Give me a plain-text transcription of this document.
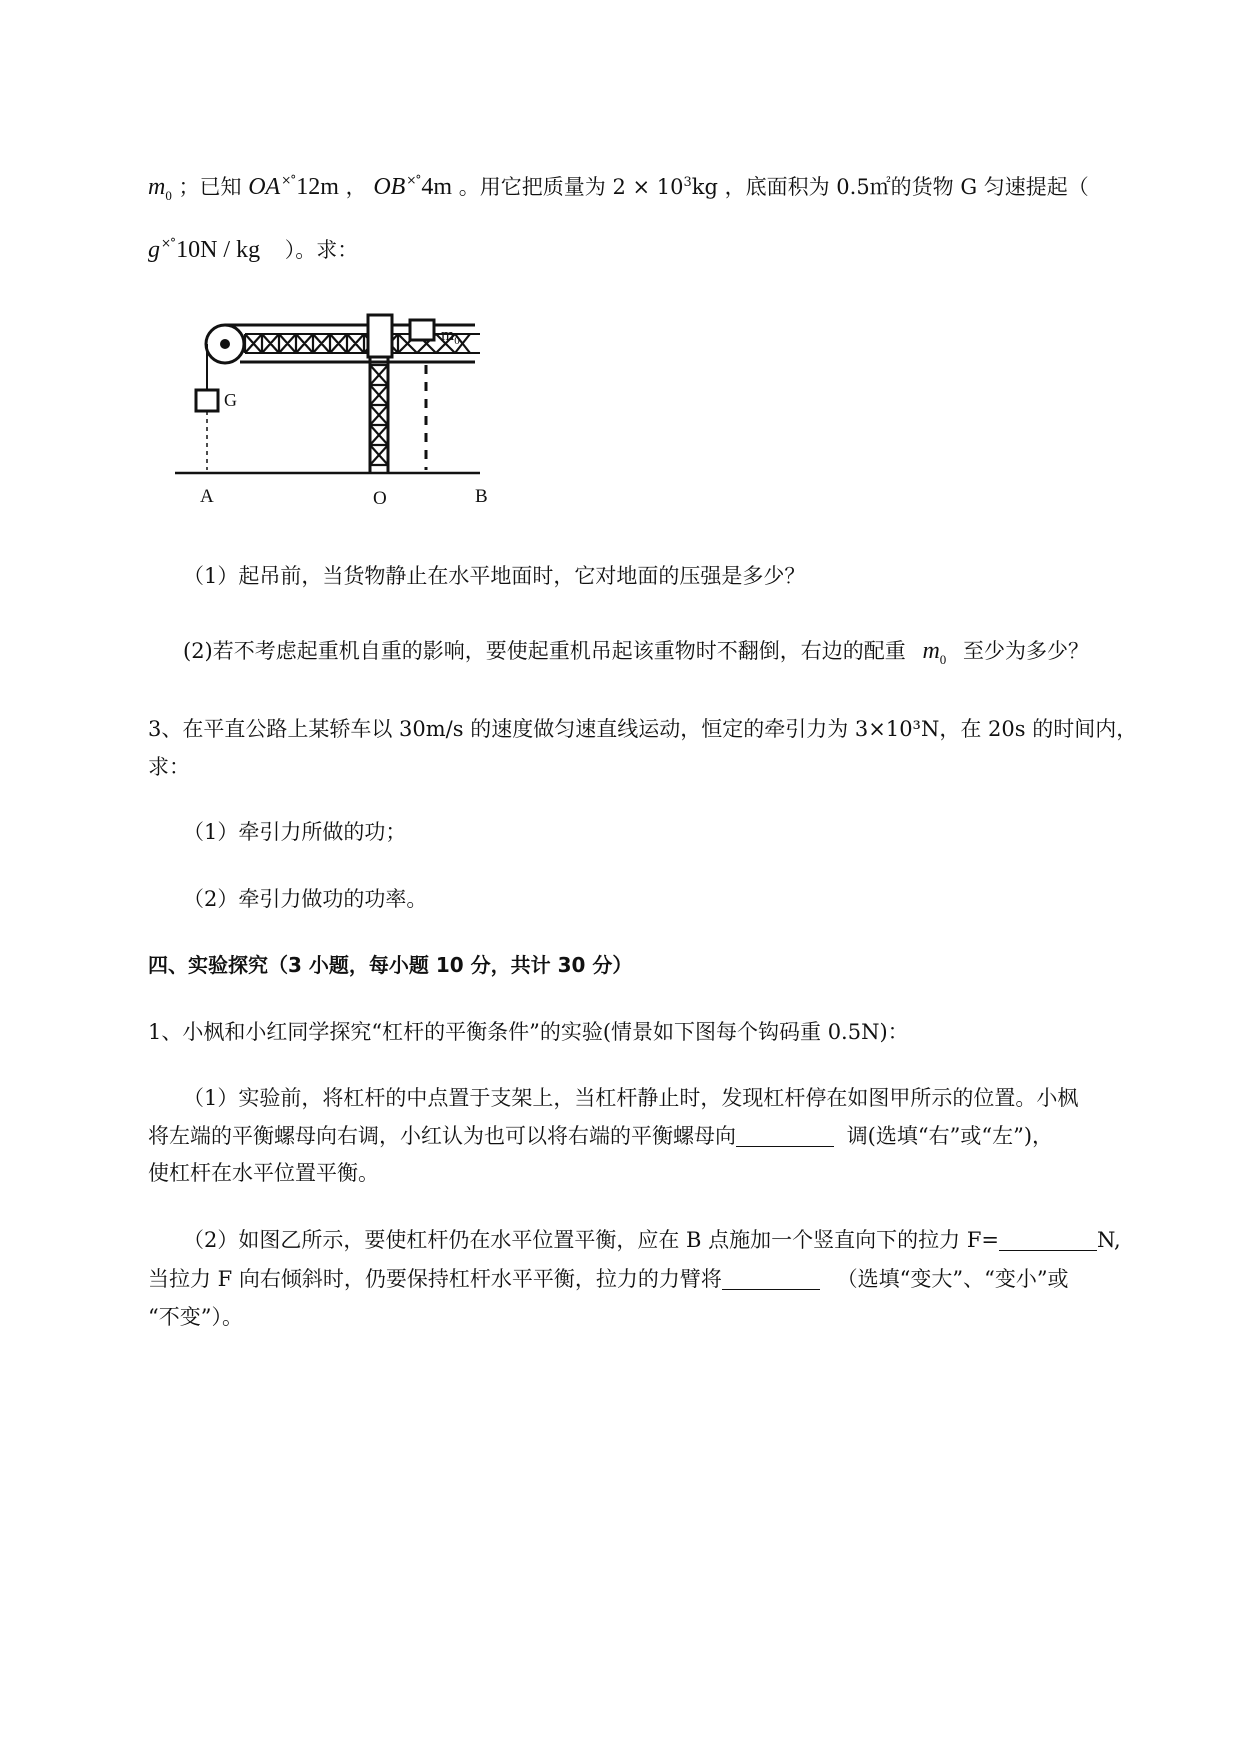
$m_0$ ；已知 OA×°12m ， OB×°4m 。用它把质量为 $2 \times 10^3kg$ ，底面积为 0.5㎡的货物 G 匀速提起（
g×°10N / kg ）。求：
$m_0$
G
A	O	B
（1）起吊前，当货物静止在水平地面时，它对地面的压强是多少？
(2)若不考虑起重机自重的影响，要使起重机吊起该重物时不翻倒，右边的配重 $m_0$ 至少为多少？
3、在平直公路上某轿车以 30m/s 的速度做匀速直线运动，恒定的牵引力为 3×10³N，在 20s 的时间内，
求：
（1）牵引力所做的功；
（2）牵引力做功的功率。
四、实验探究（3 小题，每小题 10 分，共计 30 分）
1、小枫和小红同学探究“杠杆的平衡条件”的实验(情景如下图每个钩码重 0.5N)：
（1）实验前，将杠杆的中点置于支架上，当杠杆静止时，发现杠杆停在如图甲所示的位置。小枫
将左端的平衡螺母向右调，小红认为也可以将右端的平衡螺母向	调(选填“右”或“左”)，
使杠杆在水平位置平衡。
（2）如图乙所示，要使杠杆仍在水平位置平衡，应在 B 点施加一个竖直向下的拉力 F=	N,
当拉力 F 向右倾斜时，仍要保持杠杆水平平衡，拉力的力臂将	（选填“变大”、“变小”或
“不变”）。
